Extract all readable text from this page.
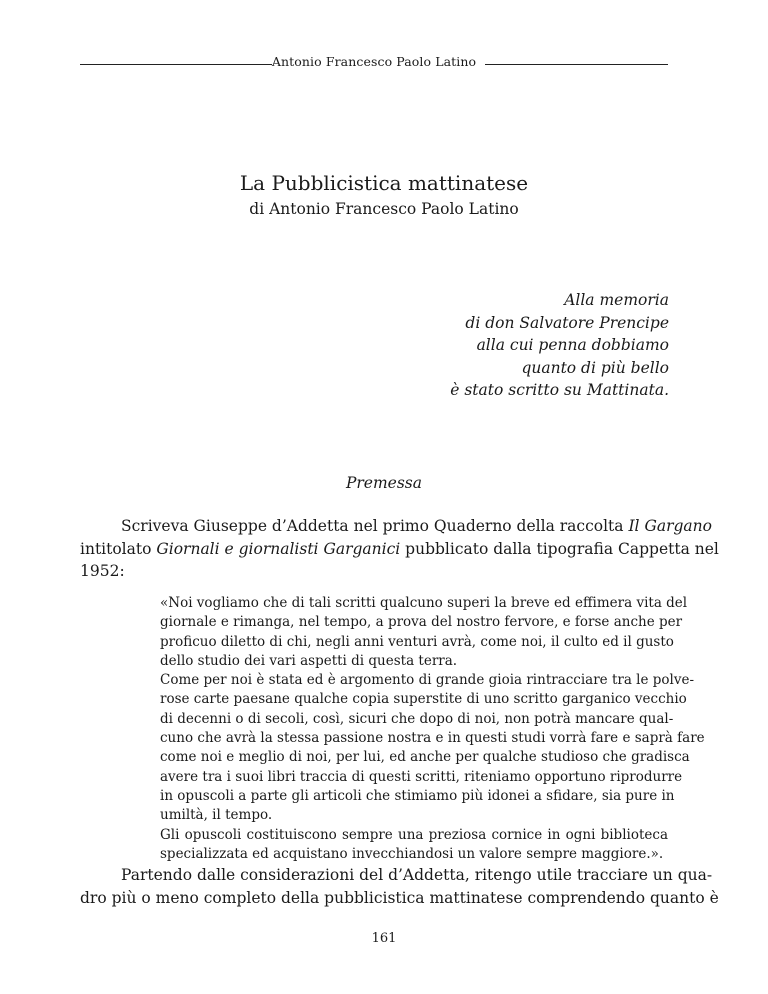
Antonio Francesco Paolo Latino
La Pubblicistica mattinatese
di Antonio Francesco Paolo Latino
Alla memoria
di don Salvatore Prencipe
alla cui penna dobbiamo
quanto di più bello
è stato scritto su Mattinata.
Premessa
Scriveva Giuseppe d’Addetta nel primo Quaderno della raccolta Il Gargano
intitolato Giornali e giornalisti Garganici pubblicato dalla tipografia Cappetta nel
1952:
«Noi vogliamo che di tali scritti qualcuno superi la breve ed effimera vita del
giornale e rimanga, nel tempo, a prova del nostro fervore, e forse anche per
proficuo diletto di chi, negli anni venturi avrà, come noi, il culto ed il gusto
dello studio dei vari aspetti di questa terra.
Come per noi è stata ed è argomento di grande gioia rintracciare tra le polve-
rose carte paesane qualche copia superstite di uno scritto garganico vecchio
di decenni o di secoli, così, sicuri che dopo di noi, non potrà mancare qual-
cuno che avrà la stessa passione nostra e in questi studi vorrà fare e saprà fare
come noi e meglio di noi, per lui, ed anche per qualche studioso che gradisca
avere tra i suoi libri traccia di questi scritti, riteniamo opportuno riprodurre
in opuscoli a parte gli articoli che stimiamo più idonei a sfidare, sia pure in
umiltà, il tempo.
Gli opuscoli costituiscono sempre una preziosa cornice in ogni biblioteca
specializzata ed acquistano invecchiandosi un valore sempre maggiore.».
Partendo dalle considerazioni del d’Addetta, ritengo utile tracciare un qua-
dro più o meno completo della pubblicistica mattinatese comprendendo quanto è
161
